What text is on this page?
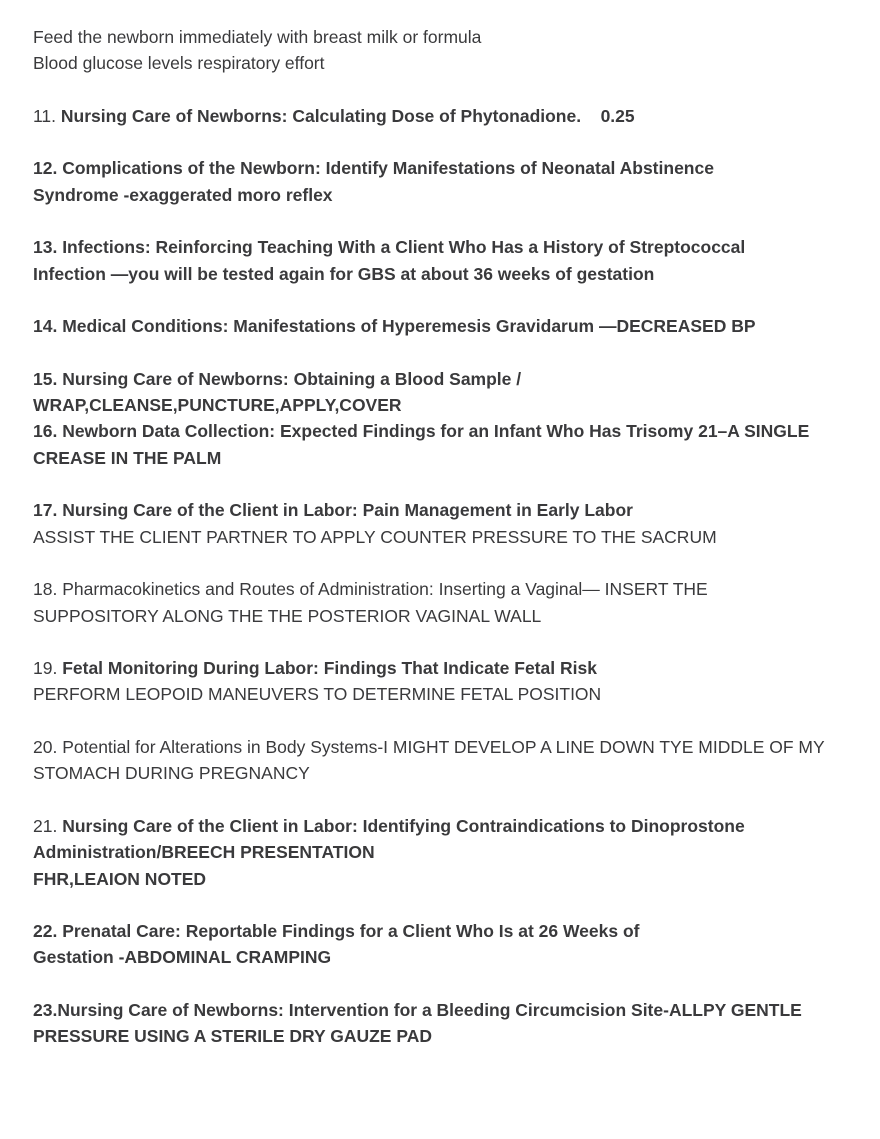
Feed the newborn immediately with breast milk or formula
Blood glucose levels respiratory effort
11. Nursing Care of Newborns: Calculating Dose of Phytonadione. 0.25
12. Complications of the Newborn: Identify Manifestations of Neonatal Abstinence
Syndrome -exaggerated moro reflex
13. Infections: Reinforcing Teaching With a Client Who Has a History of Streptococcal
Infection —you will be tested again for GBS at about 36 weeks of gestation
14. Medical Conditions: Manifestations of Hyperemesis Gravidarum —DECREASED BP
15. Nursing Care of Newborns: Obtaining a Blood Sample /
WRAP,CLEANSE,PUNCTURE,APPLY,COVER
16. Newborn Data Collection: Expected Findings for an Infant Who Has Trisomy 21–A SINGLE
CREASE IN THE PALM
17. Nursing Care of the Client in Labor: Pain Management in Early Labor
ASSIST THE CLIENT PARTNER TO APPLY COUNTER PRESSURE TO THE SACRUM
18. Pharmacokinetics and Routes of Administration: Inserting a Vaginal— INSERT THE
SUPPOSITORY ALONG THE THE POSTERIOR VAGINAL WALL
19. Fetal Monitoring During Labor: Findings That Indicate Fetal Risk
PERFORM LEOPOID MANEUVERS TO DETERMINE FETAL POSITION
20. Potential for Alterations in Body Systems-I MIGHT DEVELOP A LINE DOWN TYE MIDDLE OF MY
STOMACH DURING PREGNANCY
21. Nursing Care of the Client in Labor: Identifying Contraindications to Dinoprostone
Administration/BREECH PRESENTATION
FHR,LEAION NOTED
22. Prenatal Care: Reportable Findings for a Client Who Is at 26 Weeks of
Gestation -ABDOMINAL CRAMPING
23.Nursing Care of Newborns: Intervention for a Bleeding Circumcision Site-ALLPY GENTLE
PRESSURE USING A STERILE DRY GAUZE PAD
